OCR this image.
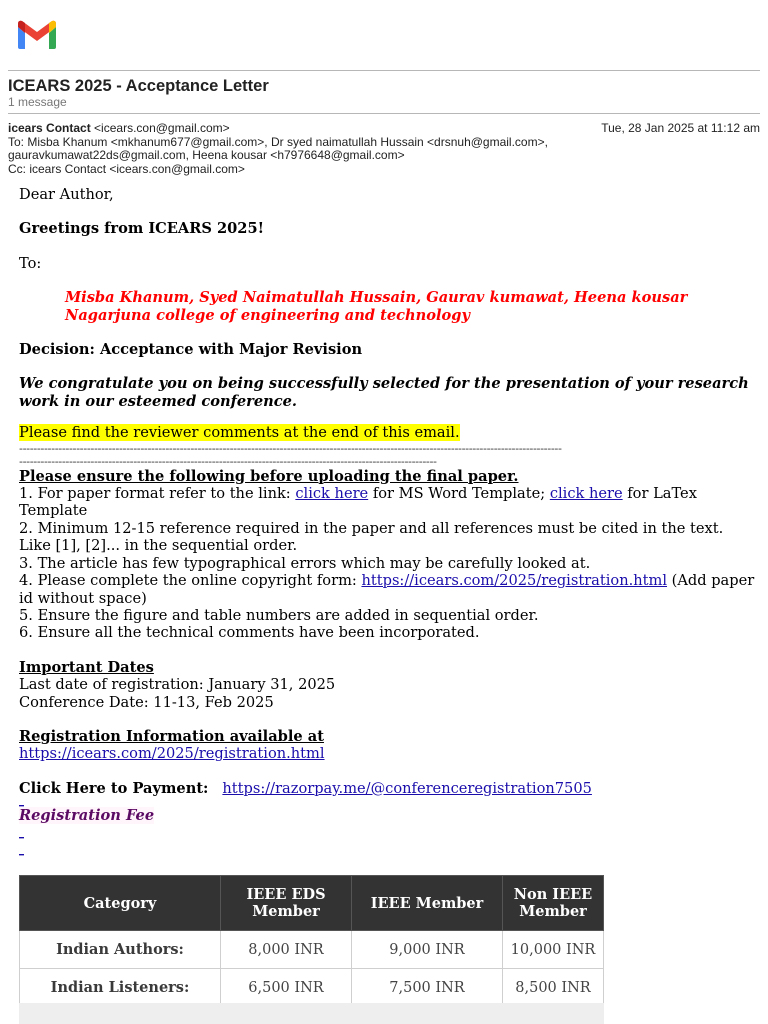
ICEARS 2025 - Acceptance Letter
1 message
icears Contact <icears.con@gmail.com>	Tue, 28 Jan 2025 at 11:12 am
To: Misba Khanum <mkhanum677@gmail.com>, Dr syed naimatullah Hussain <drsnuh@gmail.com>,
gauravkumawat22ds@gmail.com, Heena kousar <h7976648@gmail.com>
Cc: icears Contact <icears.con@gmail.com>

Dear Author,

Greetings from ICEARS 2025!

To:

Misba Khanum, Syed Naimatullah Hussain, Gaurav kumawat, Heena kousar

Nagarjuna college of engineering and technology

Decision: Acceptance with Major Revision

We congratulate you on being successfully selected for the presentation of your research work in our esteemed conference.

Please find the reviewer comments at the end of this email.

--------------------------------------------------------------------------------------------------------------------------------------------------------
---------------------------------------------------------------------------------------------------------------------

Please ensure the following before uploading the final paper.

1. For paper format refer to the link: click here for MS Word Template; click here for LaTex Template

2. Minimum 12-15 reference required in the paper and all references must be cited in the text. Like [1], [2]... in the sequential order.

3. The article has few typographical errors which may be carefully looked at.

4. Please complete the online copyright form: https://icears.com/2025/registration.html (Add paper id without space)

5. Ensure the figure and table numbers are added in sequential order.

6. Ensure all the technical comments have been incorporated.

Important Dates

Last date of registration: January 31, 2025

Conference Date: 11-13, Feb 2025

Registration Information available at

https://icears.com/2025/registration.html

Click Here to Payment: https://razorpay.me/@conferenceregistration7505

_

Registration Fee

_
_
Category	IEEE EDS Member	IEEE Member	Non IEEE Member
Indian Authors:	8,000 INR	9,000 INR	10,000 INR
Indian Listeners:	6,500 INR	7,500 INR	8,500 INR
